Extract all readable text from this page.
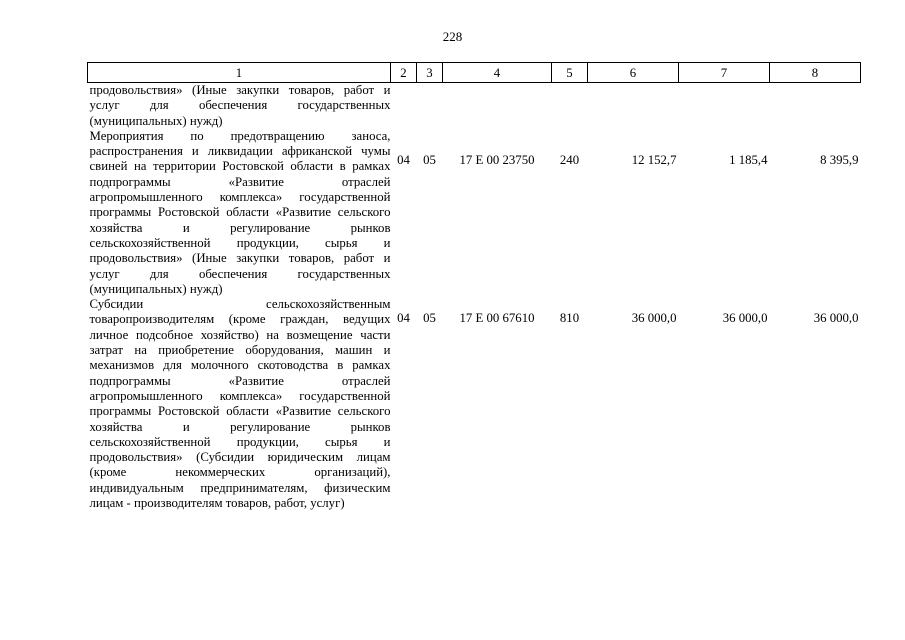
228
1	2	3	4	5	6	7	8
продовольствия» (Иные закупки товаров, работ и услуг для обеспечения государственных (муниципальных) нужд)							
Мероприятия по предотвращению заноса, распространения и ликвидации африканской чумы свиней на территории Ростовской области в рамках подпрограммы «Развитие отраслей агропромышленного комплекса» государственной программы Ростовской области «Развитие сельского хозяйства и регулирование рынков сельскохозяйственной продукции, сырья и продовольствия» (Иные закупки товаров, работ и услуг для обеспечения государственных (муниципальных) нужд)	04	05	17 Е 00 23750	240	12 152,7	1 185,4	8 395,9
Субсидии сельскохозяйственным товаропроизводителям (кроме граждан, ведущих личное подсобное хозяйство) на возмещение части затрат на приобретение оборудования, машин и механизмов для молочного скотоводства в рамках подпрограммы «Развитие отраслей агропромышленного комплекса» государственной программы Ростовской области «Развитие сельского хозяйства и регулирование рынков сельскохозяйственной продукции, сырья и продовольствия» (Субсидии юридическим лицам (кроме некоммерческих организаций), индивидуальным предпринимателям, физическим лицам - производителям товаров, работ, услуг)	04	05	17 Е 00 67610	810	36 000,0	36 000,0	36 000,0
